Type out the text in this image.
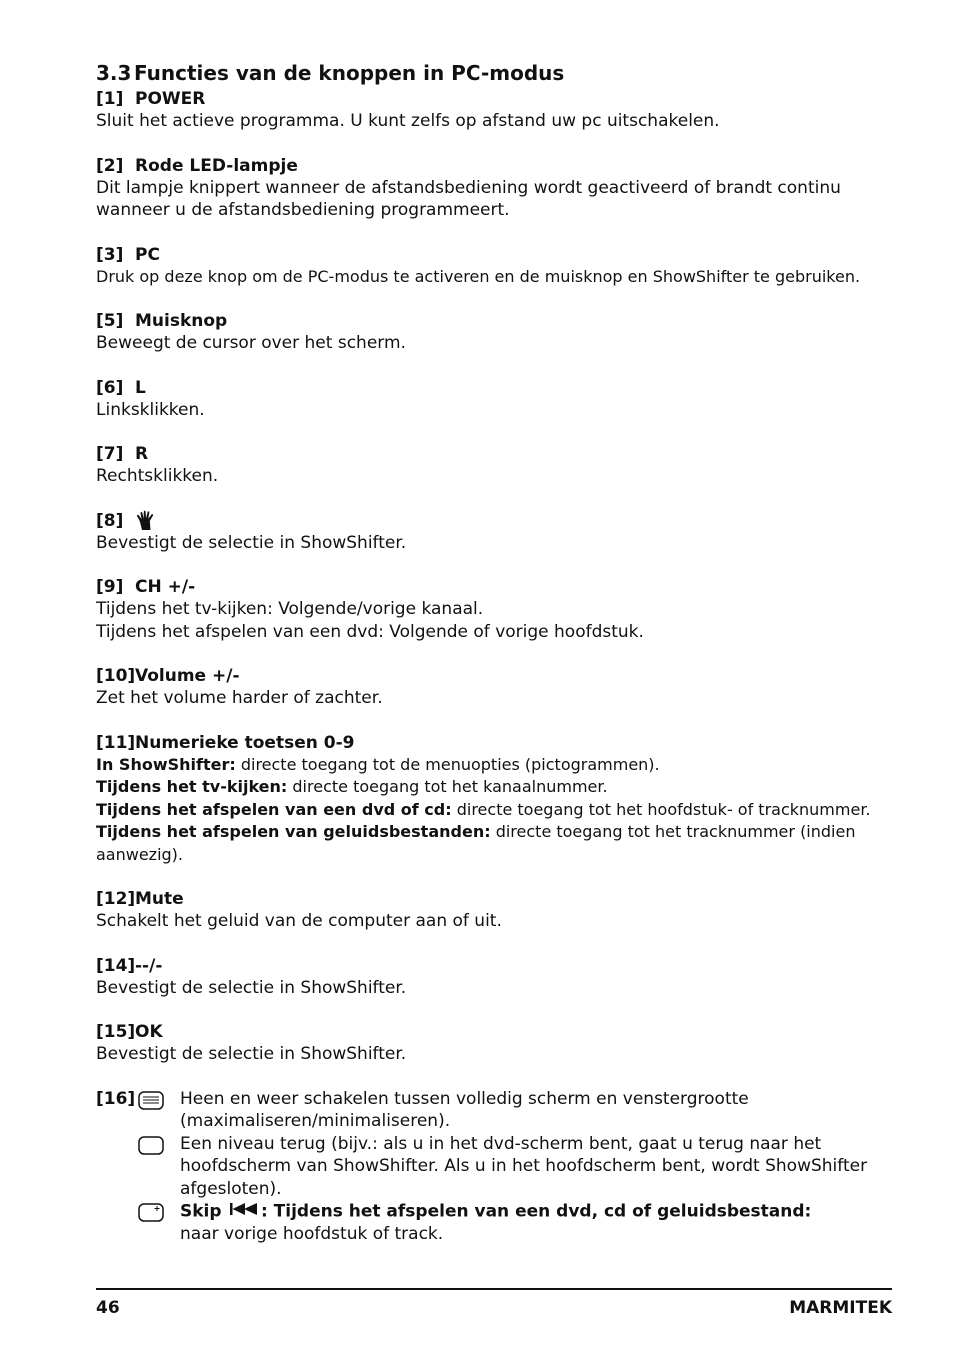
3.3 Functies van de knoppen in PC-modus
[1] POWER
Sluit het actieve programma. U kunt zelfs op afstand uw pc uitschakelen.
[2] Rode LED-lampje
Dit lampje knippert wanneer de afstandsbediening wordt geactiveerd of brandt continu wanneer u de afstandsbediening programmeert.
[3] PC
Druk op deze knop om de PC-modus te activeren en de muisknop en ShowShifter te gebruiken.
[5] Muisknop
Beweegt de cursor over het scherm.
[6] L
Linksklikken.
[7] R
Rechtsklikken.
[8]
Bevestigt de selectie in ShowShifter.
[9] CH +/-

Tijdens het tv-kijken: Volgende/vorige kanaal.

Tijdens het afspelen van een dvd: Volgende of vorige hoofdstuk.

[10] Volume +/-
Zet het volume harder of zachter.
[11] Numerieke toetsen 0-9

In ShowShifter: directe toegang tot de menuopties (pictogrammen).

Tijdens het tv-kijken: directe toegang tot het kanaalnummer.

Tijdens het afspelen van een dvd of cd: directe toegang tot het hoofdstuk- of tracknummer.

Tijdens het afspelen van geluidsbestanden: directe toegang tot het tracknummer (indien aanwezig).

[12] Mute
Schakelt het geluid van de computer aan of uit.
[14] --/-
Bevestigt de selectie in ShowShifter.
[15] OK
Bevestigt de selectie in ShowShifter.
[16]	Heen en weer schakelen tussen volledig scherm en venstergrootte (maximaliseren/minimaliseren).
Een niveau terug (bijv.: als u in het dvd-scherm bent, gaat u terug naar het hoofdscherm van ShowShifter. Als u in het hoofdscherm bent, wordt ShowShifter afgesloten).
Skip : Tijdens het afspelen van een dvd, cd of geluidsbestand:
naar vorige hoofdstuk of track.
46	MARMITEK
